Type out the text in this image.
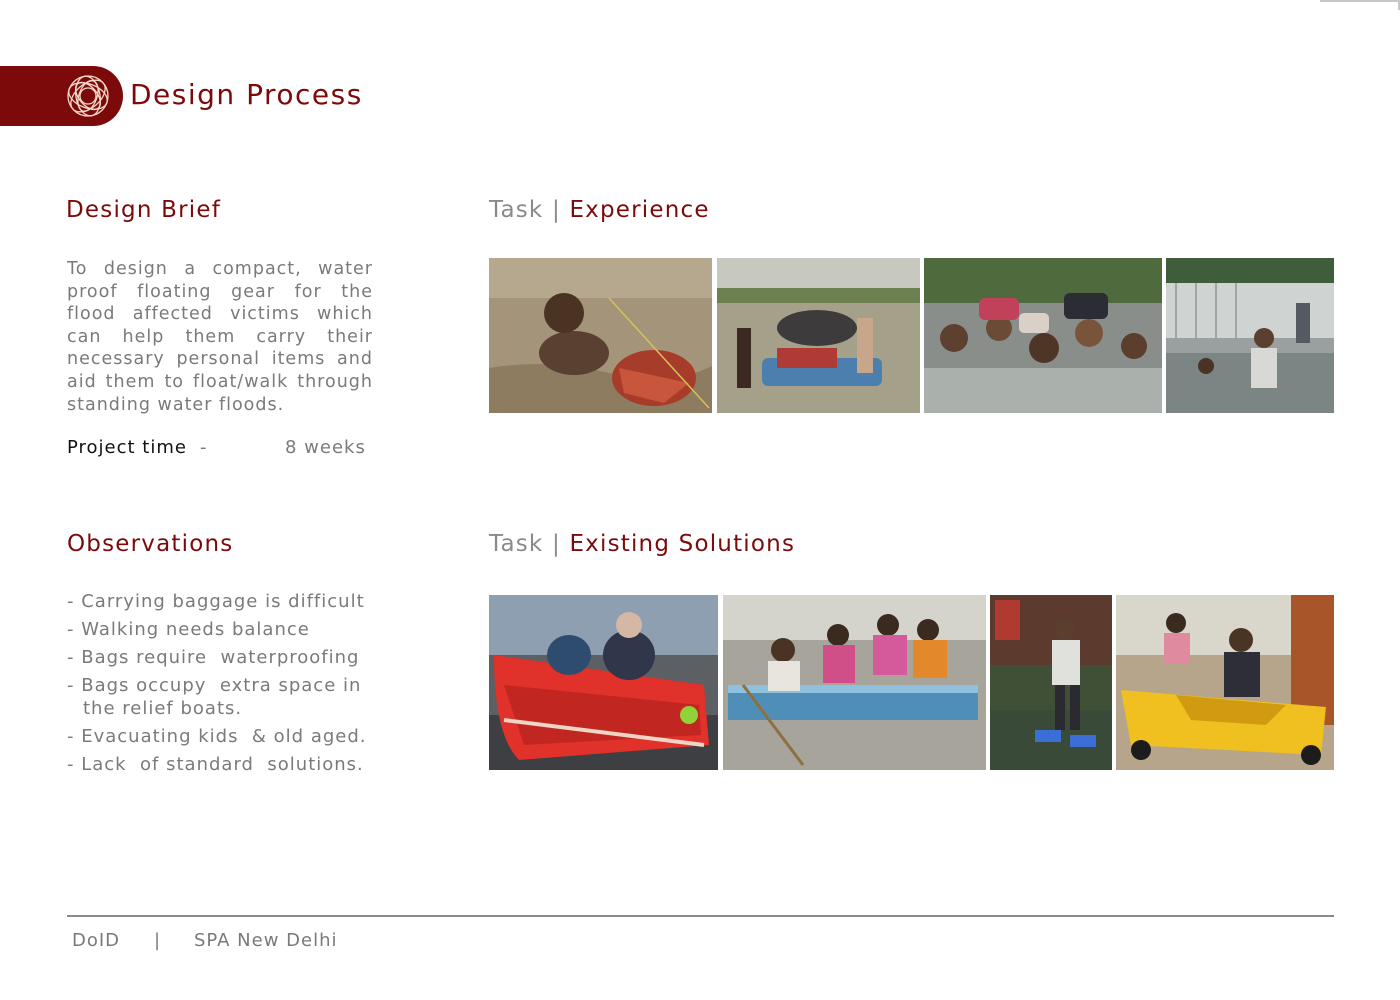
Design Process
Design Brief

To design a compact, water proof floating gear for the flood affected victims which can help them carry their necessary personal items and aid them to float/walk through standing water floods.

Project time -	8 weeks
Task | Experience
Observations
- Carrying baggage is difficult
- Walking needs balance
- Bags require  waterproofing
- Bags occupy  extra space in the relief boats.
- Evacuating kids  & old aged.
- Lack  of standard  solutions.
Task | Existing Solutions
DoID | SPA New Delhi
